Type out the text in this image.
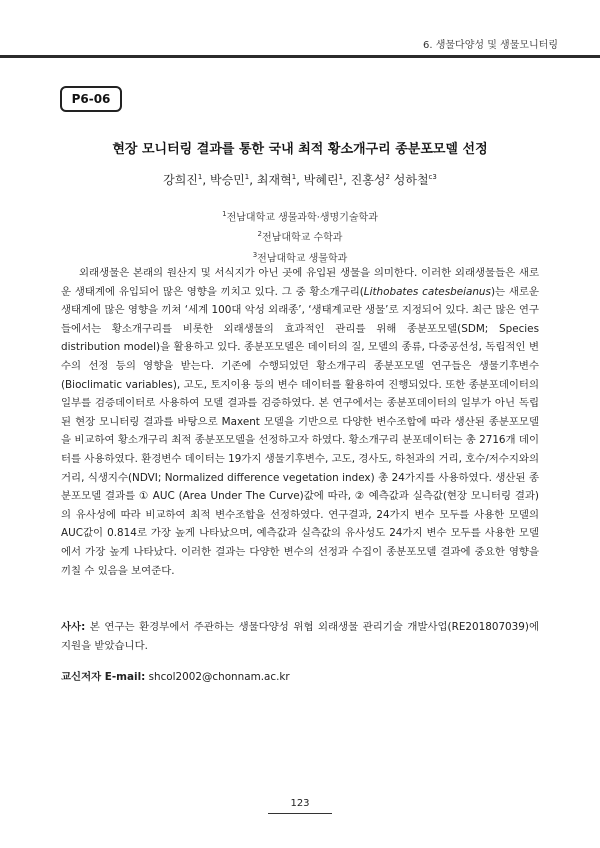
6. 생물다양성 및 생물모니터링
P6-06
현장 모니터링 결과를 통한 국내 최적 황소개구리 종분포모델 선정
강희진$^1$, 박승민$^1$, 최재혁$^1$, 박혜린$^1$, 진홍성$^2$ 성하철$^{c3}$
$^1$전남대학교 생물과학·생명기술학과
$^2$전남대학교 수학과
$^3$전남대학교 생물학과
외래생물은 본래의 원산지 및 서식지가 아닌 곳에 유입된 생물을 의미한다. 이러한 외래생물들은 새로운 생태계에 유입되어 많은 영향을 끼치고 있다. 그 중 황소개구리(Lithobates catesbeianus)는 새로운 생태계에 많은 영향을 끼쳐 ‘세계 100대 악성 외래종’, ‘생태계교란 생물’로 지정되어 있다. 최근 많은 연구들에서는 황소개구리를 비롯한 외래생물의 효과적인 관리를 위해 종분포모델(SDM; Species distribution model)을 활용하고 있다. 종분포모델은 데이터의 질, 모델의 종류, 다중공선성, 독립적인 변수의 선정 등의 영향을 받는다. 기존에 수행되었던 황소개구리 종분포모델 연구들은 생물기후변수(Bioclimatic variables), 고도, 토지이용 등의 변수 데이터를 활용하여 진행되었다. 또한 종분포데이터의 일부를 검증데이터로 사용하여 모델 결과를 검증하였다. 본 연구에서는 종분포데이터의 일부가 아닌 독립된 현장 모니터링 결과를 바탕으로 Maxent 모델을 기반으로 다양한 변수조합에 따라 생산된 종분포모델을 비교하여 황소개구리 최적 종분포모델을 선정하고자 하였다. 황소개구리 분포데이터는 총 2716개 데이터를 사용하였다. 환경변수 데이터는 19가지 생물기후변수, 고도, 경사도, 하천과의 거리, 호수/저수지와의 거리, 식생지수(NDVI; Normalized difference vegetation index) 총 24가지를 사용하였다. 생산된 종분포모델 결과를 ① AUC (Area Under The Curve)값에 따라, ② 예측값과 실측값(현장 모니터링 결과)의 유사성에 따라 비교하여 최적 변수조합을 선정하였다. 연구결과, 24가지 변수 모두를 사용한 모델의 AUC값이 0.814로 가장 높게 나타났으며, 예측값과 실측값의 유사성도 24가지 변수 모두를 사용한 모델에서 가장 높게 나타났다. 이러한 결과는 다양한 변수의 선정과 수집이 종분포모델 결과에 중요한 영향을 끼칠 수 있음을 보여준다.
사사: 본 연구는 환경부에서 주관하는 생물다양성 위협 외래생물 관리기술 개발사업(RE201807039)에 지원을 받았습니다.
교신저자 E-mail: shcol2002@chonnam.ac.kr
123
